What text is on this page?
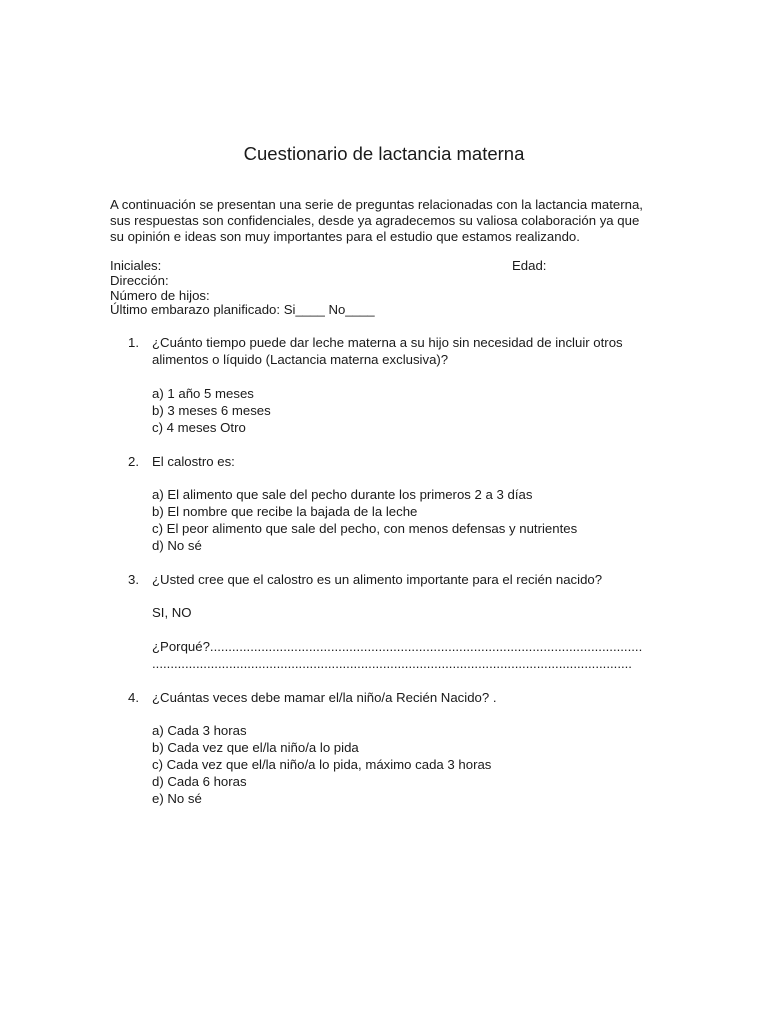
Cuestionario de lactancia materna
A continuación se presentan una serie de preguntas relacionadas con la lactancia materna,
sus respuestas son confidenciales, desde ya agradecemos su valiosa colaboración ya que
su opinión e ideas son muy importantes para el estudio que estamos realizando.
Iniciales:	Edad:
Dirección:
Número de hijos:
Último embarazo planificado: Si____ No____
1. ¿Cuánto tiempo puede dar leche materna a su hijo sin necesidad de incluir otros
alimentos o líquido (Lactancia materna exclusiva)?
a) 1 año 5 meses
b) 3 meses 6 meses
c) 4 meses Otro
2. El calostro es:
a) El alimento que sale del pecho durante los primeros 2 a 3 días
b) El nombre que recibe la bajada de la leche
c) El peor alimento que sale del pecho, con menos defensas y nutrientes
d) No sé
3. ¿Usted cree que el calostro es un alimento importante para el recién nacido?
SI, NO
¿Porqué?......................................................................................................................
...................................................................................................................................
4. ¿Cuántas veces debe mamar el/la niño/a Recién Nacido? .
a) Cada 3 horas
b) Cada vez que el/la niño/a lo pida
c) Cada vez que el/la niño/a lo pida, máximo cada 3 horas
d) Cada 6 horas
e) No sé
